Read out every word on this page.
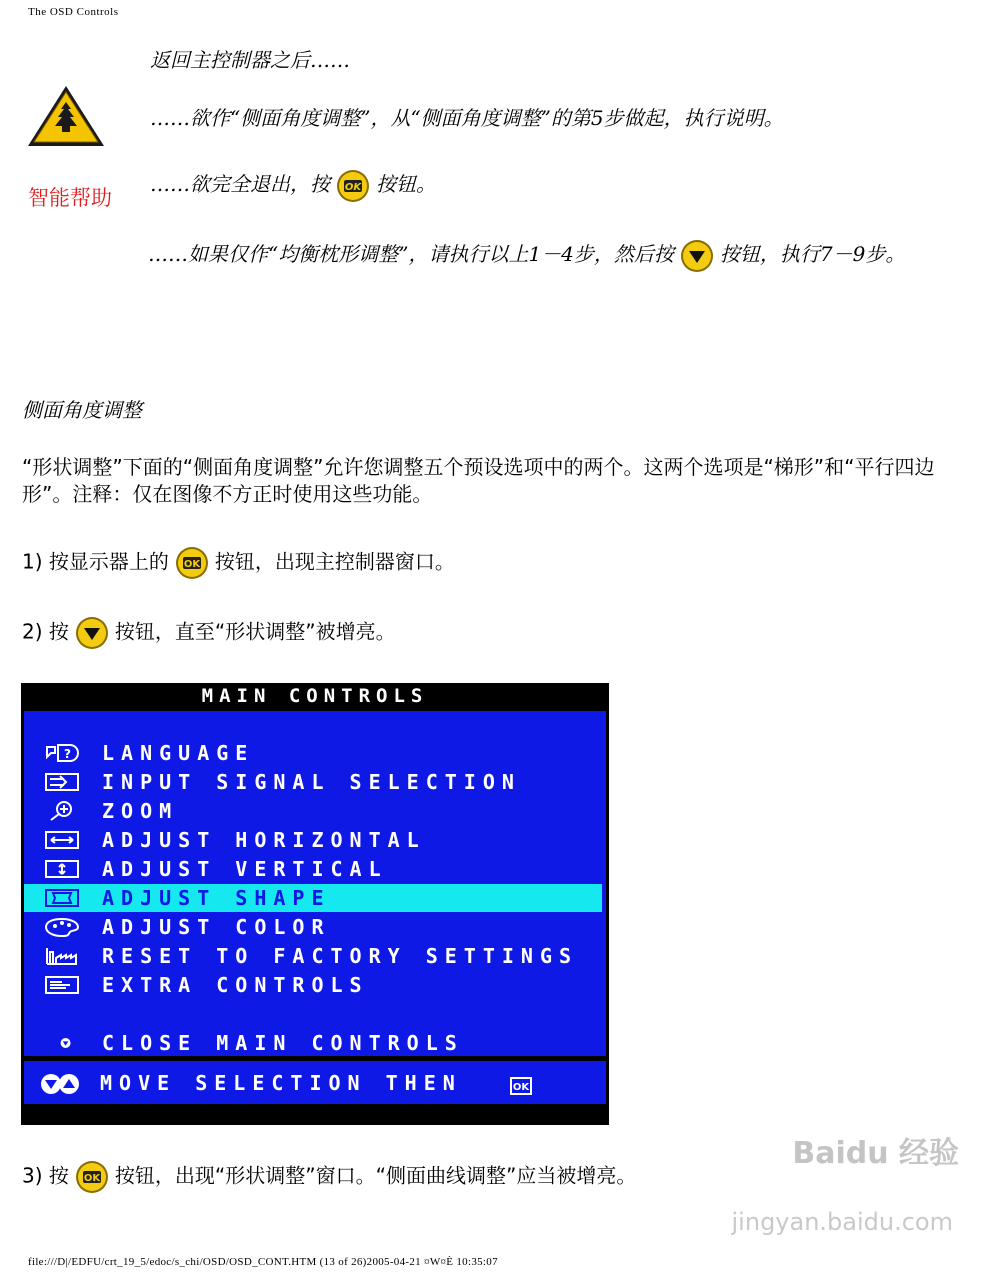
The OSD Controls
智能帮助
返回主控制器之后……
……欲作“侧面角度调整”，从“侧面角度调整”的第5步做起，执行说明。
……欲完全退出，按 OK 按钮。
……如果仅作“均衡枕形调整”，请执行以上1－4步，然后按 按钮，执行7－9步。
侧面角度调整
“形状调整”下面的“侧面角度调整”允许您调整五个预设选项中的两个。这两个选项是“梯形”和“平行四边形”。注释：仅在图像不方正时使用这些功能。
1) 按显示器上的 OK 按钮，出现主控制器窗口。
2) 按 按钮，直至“形状调整”被增亮。
MAIN CONTROLS
? LANGUAGE
INPUT SIGNAL SELECTION
ZOOM
ADJUST HORIZONTAL
ADJUST VERTICAL
ADJUST SHAPE
ADJUST COLOR
RESET TO FACTORY SETTINGS
EXTRA CONTROLS
CLOSE MAIN CONTROLS
MOVE SELECTION THEN	OK
3) 按 OK 按钮，出现“形状调整”窗口。“侧面曲线调整”应当被增亮。
Baidu 经验
jingyan.baidu.com
file:///D|/EDFU/crt_19_5/edoc/s_chi/OSD/OSD_CONT.HTM (13 of 26)2005-04-21 ¤W¤È 10:35:07
